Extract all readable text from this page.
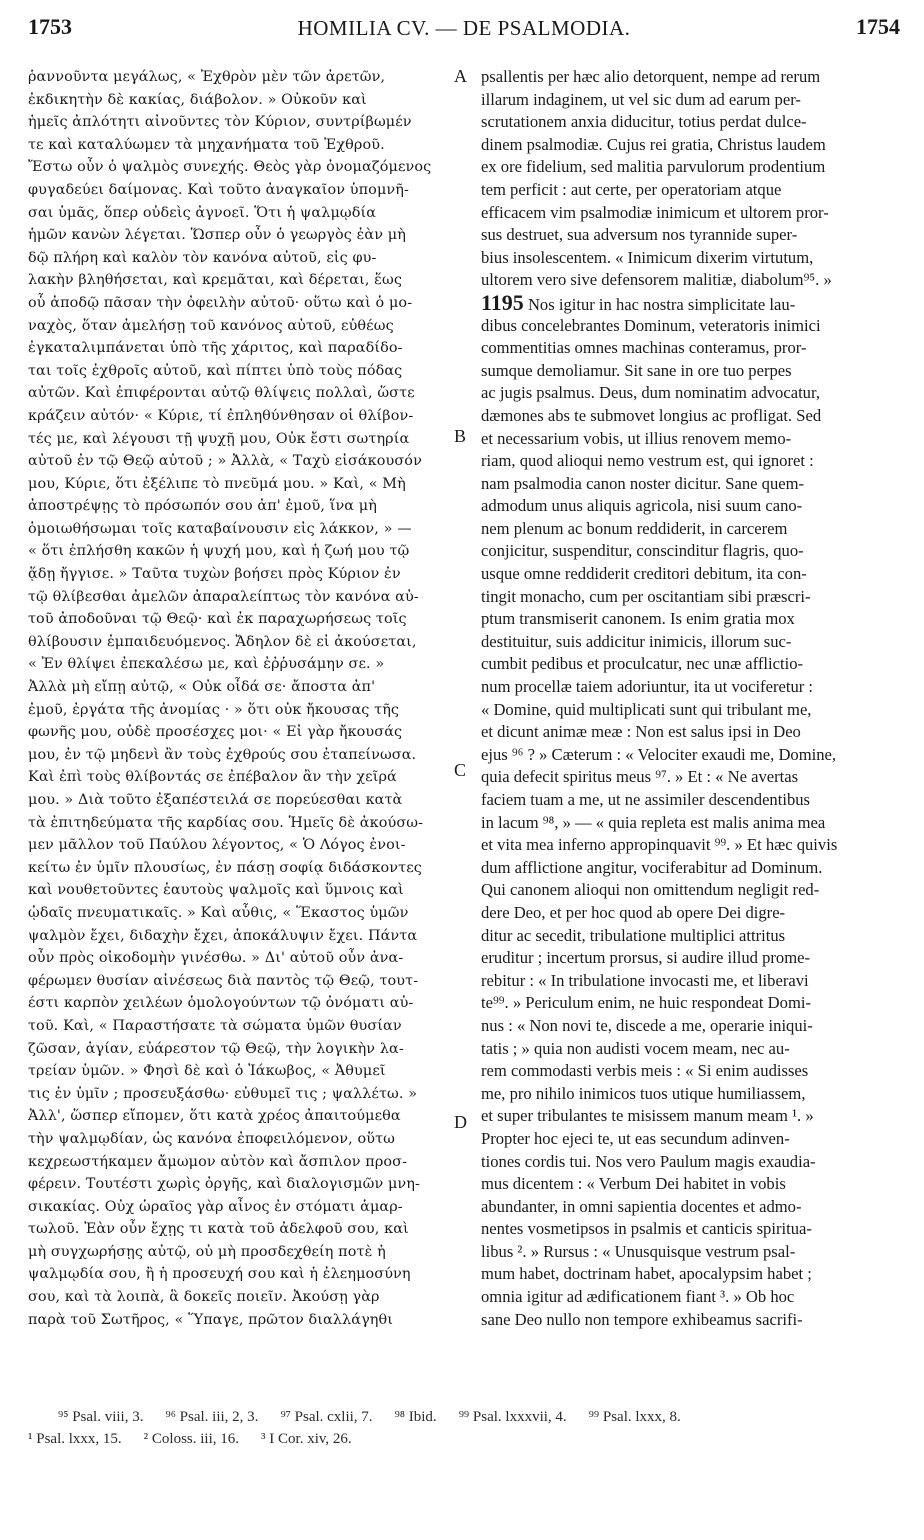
1753	HOMILIA CV. — DE PSALMODIA.	1754
ῥαννοῦντα μεγάλως, « Ἐχθρὸν μὲν τῶν ἀρετῶν,
ἐκδικητὴν δὲ κακίας, διάβολον. » Οὐκοῦν καὶ
ἡμεῖς ἀπλότητι αἰνοῦντες τὸν Κύριον, συντρίβωμέν
τε καὶ καταλύωμεν τὰ μηχανήματα τοῦ Ἐχθροῦ.
Ἔστω οὖν ὁ ψαλμὸς συνεχής. Θεὸς γὰρ ὀνομαζόμενος
φυγαδεύει δαίμονας. Καὶ τοῦτο ἀναγκαῖον ὑπομνῆ-
σαι ὑμᾶς, ὅπερ οὐδεὶς ἀγνοεῖ. Ὅτι ἡ ψαλμῳδία
ἡμῶν κανὼν λέγεται. Ὥσπερ οὖν ὁ γεωργὸς ἐὰν μὴ
δῷ πλήρη καὶ καλὸν τὸν κανόνα αὐτοῦ, εἰς φυ-
λακὴν βληθήσεται, καὶ κρεμᾶται, καὶ δέρεται, ἕως
οὗ ἀποδῷ πᾶσαν τὴν ὀφειλὴν αὐτοῦ· οὕτω καὶ ὁ μο-
ναχὸς, ὅταν ἀμελήσῃ τοῦ κανόνος αὐτοῦ, εὐθέως
ἐγκαταλιμπάνεται ὑπὸ τῆς χάριτος, καὶ παραδίδο-
ται τοῖς ἐχθροῖς αὐτοῦ, καὶ πίπτει ὑπὸ τοὺς πόδας
αὐτῶν. Καὶ ἐπιφέρονται αὐτῷ θλίψεις πολλαὶ, ὥστε
κράζειν αὐτόν· « Κύριε, τί ἐπληθύνθησαν οἱ θλίβον-
τές με, καὶ λέγουσι τῇ ψυχῇ μου, Οὐκ ἔστι σωτηρία
αὐτοῦ ἐν τῷ Θεῷ αὐτοῦ ; » Ἀλλὰ, « Ταχὺ εἰσάκουσόν
μου, Κύριε, ὅτι ἐξέλιπε τὸ πνεῦμά μου. » Καὶ, « Μὴ
ἀποστρέψῃς τὸ πρόσωπόν σου ἀπ' ἐμοῦ, ἵνα μὴ
ὁμοιωθήσωμαι τοῖς καταβαίνουσιν εἰς λάκκον, » —
« ὅτι ἐπλήσθη κακῶν ἡ ψυχή μου, καὶ ἡ ζωή μου τῷ
ᾅδῃ ἤγγισε. » Ταῦτα τυχὼν βοήσει πρὸς Κύριον ἐν
τῷ θλίβεσθαι ἀμελῶν ἀπαραλείπτως τὸν κανόνα αὐ-
τοῦ ἀποδοῦναι τῷ Θεῷ· καὶ ἐκ παραχωρήσεως τοῖς
θλίβουσιν ἐμπαιδευόμενος. Ἄδηλον δὲ εἰ ἀκούσεται,
« Ἐν θλίψει ἐπεκαλέσω με, καὶ ἐῤῥυσάμην σε. »
Ἀλλὰ μὴ εἴπῃ αὐτῷ, « Οὐκ οἶδά σε· ἄποστα ἀπ'
ἐμοῦ, ἐργάτα τῆς ἀνομίας · » ὅτι οὐκ ἤκουσας τῆς
φωνῆς μου, οὐδὲ προσέσχες μοι· « Εἰ γὰρ ἤκουσάς
μου, ἐν τῷ μηδενὶ ἂν τοὺς ἐχθρούς σου ἐταπείνωσα.
Καὶ ἐπὶ τοὺς θλίβοντάς σε ἐπέβαλον ἂν τὴν χεῖρά
μου. » Διὰ τοῦτο ἐξαπέστειλά σε πορεύεσθαι κατὰ
τὰ ἐπιτηδεύματα τῆς καρδίας σου. Ἡμεῖς δὲ ἀκούσω-
μεν μᾶλλον τοῦ Παύλου λέγοντος, « Ὁ Λόγος ἐνοι-
κείτω ἐν ὑμῖν πλουσίως, ἐν πάσῃ σοφίᾳ διδάσκοντες
καὶ νουθετοῦντες ἑαυτοὺς ψαλμοῖς καὶ ὕμνοις καὶ
ᾠδαῖς πνευματικαῖς. » Καὶ αὖθις, « Ἕκαστος ὑμῶν
ψαλμὸν ἔχει, διδαχὴν ἔχει, ἀποκάλυψιν ἔχει. Πάντα
οὖν πρὸς οἰκοδομὴν γινέσθω. » Δι' αὐτοῦ οὖν ἀνα-
φέρωμεν θυσίαν αἰνέσεως διὰ παντὸς τῷ Θεῷ, τουτ-
έστι καρπὸν χειλέων ὁμολογούντων τῷ ὀνόματι αὐ-
τοῦ. Καὶ, « Παραστήσατε τὰ σώματα ὑμῶν θυσίαν
ζῶσαν, ἁγίαν, εὐάρεστον τῷ Θεῷ, τὴν λογικὴν λα-
τρείαν ὑμῶν. » Φησὶ δὲ καὶ ὁ Ἰάκωβος, « Ἀθυμεῖ
τις ἐν ὑμῖν ; προσευξάσθω· εὐθυμεῖ τις ; ψαλλέτω. »
Ἀλλ', ὥσπερ εἴπομεν, ὅτι κατὰ χρέος ἀπαιτούμεθα
τὴν ψαλμῳδίαν, ὡς κανόνα ἐποφειλόμενον, οὕτω
κεχρεωστήκαμεν ἄμωμον αὐτὸν καὶ ἄσπιλον προσ-
φέρειν. Τουτέστι χωρὶς ὀργῆς, καὶ διαλογισμῶν μνη-
σικακίας. Οὐχ ὡραῖος γὰρ αἶνος ἐν στόματι ἁμαρ-
τωλοῦ. Ἐὰν οὖν ἔχῃς τι κατὰ τοῦ ἀδελφοῦ σου, καὶ
μὴ συγχωρήσῃς αὐτῷ, οὐ μὴ προσδεχθείη ποτὲ ἡ
ψαλμῳδία σου, ἢ ἡ προσευχή σου καὶ ἡ ἐλεημοσύνη
σου, καὶ τὰ λοιπὰ, ἃ δοκεῖς ποιεῖν. Ἀκούσῃ γὰρ
παρὰ τοῦ Σωτῆρος, « Ὕπαγε, πρῶτον διαλλάγηθι
psallentis per hæc alio detorquent, nempe ad rerum
illarum indaginem, ut vel sic dum ad earum per-
scrutationem anxia diducitur, totius perdat dulce-
dinem psalmodiæ. Cujus rei gratia, Christus laudem
ex ore fidelium, sed malitia parvulorum prodentium
tem perficit : aut certe, per operatoriam atque
efficacem vim psalmodiæ inimicum et ultorem pror-
sus destruet, sua adversum nos tyrannide super-
bius insolescentem. « Inimicum dixerim virtutum,
ultorem vero sive defensorem malitiæ, diabolum⁹⁵. »
1195 Nos igitur in hac nostra simplicitate lau-
dibus concelebrantes Dominum, veteratoris inimici
commentitias omnes machinas conteramus, pror-
sumque demoliamur. Sit sane in ore tuo perpes
ac jugis psalmus. Deus, dum nominatim advocatur,
dæmones abs te submovet longius ac profligat. Sed
et necessarium vobis, ut illius renovem memo-
riam, quod alioqui nemo vestrum est, qui ignoret :
nam psalmodia canon noster dicitur. Sane quem-
admodum unus aliquis agricola, nisi suum cano-
nem plenum ac bonum reddiderit, in carcerem
conjicitur, suspenditur, conscinditur flagris, quo-
usque omne reddiderit creditori debitum, ita con-
tingit monacho, cum per oscitantiam sibi præscri-
ptum transmiserit canonem. Is enim gratia mox
destituitur, suis addicitur inimicis, illorum suc-
cumbit pedibus et proculcatur, nec unæ afflictio-
num procellæ taiem adoriuntur, ita ut vociferetur :
« Domine, quid multiplicati sunt qui tribulant me,
et dicunt animæ meæ : Non est salus ipsi in Deo
ejus ⁹⁶ ? » Cæterum : « Velociter exaudi me, Domine,
quia defecit spiritus meus ⁹⁷. » Et : « Ne avertas
faciem tuam a me, ut ne assimiler descendentibus
in lacum ⁹⁸, » — « quia repleta est malis anima mea
et vita mea inferno appropinquavit ⁹⁹. » Et hæc quivis
dum afflictione angitur, vociferabitur ad Dominum.
Qui canonem alioqui non omittendum negligit red-
dere Deo, et per hoc quod ab opere Dei digre-
ditur ac secedit, tribulatione multiplici attritus
eruditur ; incertum prorsus, si audire illud prome-
rebitur : « In tribulatione invocasti me, et liberavi
te⁹⁹. » Periculum enim, ne huic respondeat Domi-
nus : « Non novi te, discede a me, operarie iniqui-
tatis ; » quia non audisti vocem meam, nec au-
rem commodasti verbis meis : « Si enim audisses
me, pro nihilo inimicos tuos utique humiliassem,
et super tribulantes te misissem manum meam ¹. »
Propter hoc ejeci te, ut eas secundum adinven-
tiones cordis tui. Nos vero Paulum magis exaudia-
mus dicentem : « Verbum Dei habitet in vobis
abundanter, in omni sapientia docentes et admo-
nentes vosmetipsos in psalmis et canticis spiritua-
libus ². » Rursus : « Unusquisque vestrum psal-
mum habet, doctrinam habet, apocalypsim habet ;
omnia igitur ad ædificationem fiant ³. » Ob hoc
sane Deo nullo non tempore exhibeamus sacrifi-
A
B
C
D
⁹⁵ Psal. viii, 3. ⁹⁶ Psal. iii, 2, 3. ⁹⁷ Psal. cxlii, 7. ⁹⁸ Ibid. ⁹⁹ Psal. lxxxvii, 4. ⁹⁹ Psal. lxxx, 8.
¹ Psal. lxxx, 15. ² Coloss. iii, 16. ³ I Cor. xiv, 26.
